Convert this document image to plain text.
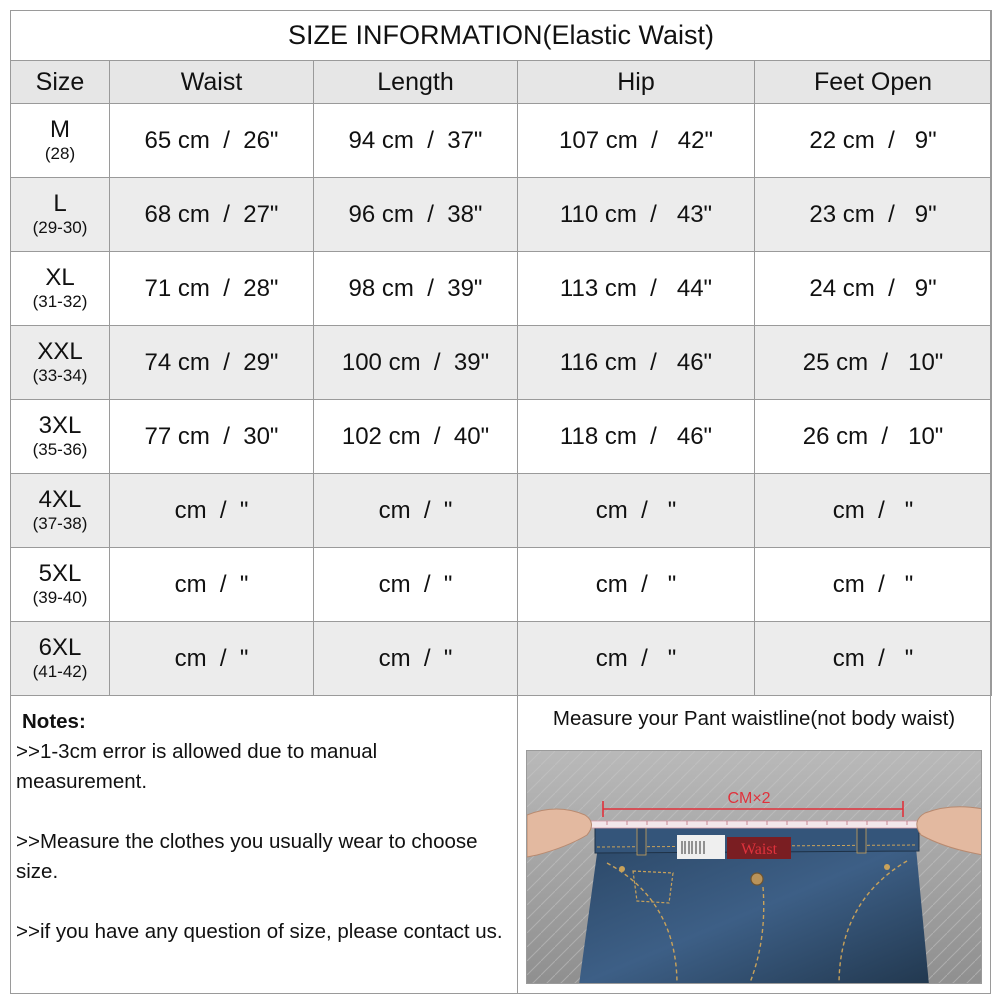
SIZE INFORMATION(Elastic Waist)				
Size	Waist	Length	Hip	Feet Open

M
(28)	65 cm  /  26"	94 cm  /  37"	107 cm  /   42"	22 cm  /   9"

L
(29-30)	68 cm  /  27"	96 cm  /  38"	110 cm  /   43"	23 cm  /   9"

XL
(31-32)	71 cm  /  28"	98 cm  /  39"	113 cm  /   44"	24 cm  /   9"

XXL
(33-34)	74 cm  /  29"	100 cm  /  39"	116 cm  /   46"	25 cm  /   10"

3XL
(35-36)	77 cm  /  30"	102 cm  /  40"	118 cm  /   46"	26 cm  /   10"

4XL
(37-38)	cm  /  "	cm  /  "	cm  /   "	cm  /   "

5XL
(39-40)	cm  /  "	cm  /  "	cm  /   "	cm  /   "

6XL
(41-42)	cm  /  "	cm  /  "	cm  /   "	cm  /   "
Notes:

>>1-3cm error is allowed due to manual measurement.

>>Measure the clothes you usually wear to choose size.

>>if you have any question of size, please contact us.

Measure your Pant waistline(not body waist)
Waist
CM×2
